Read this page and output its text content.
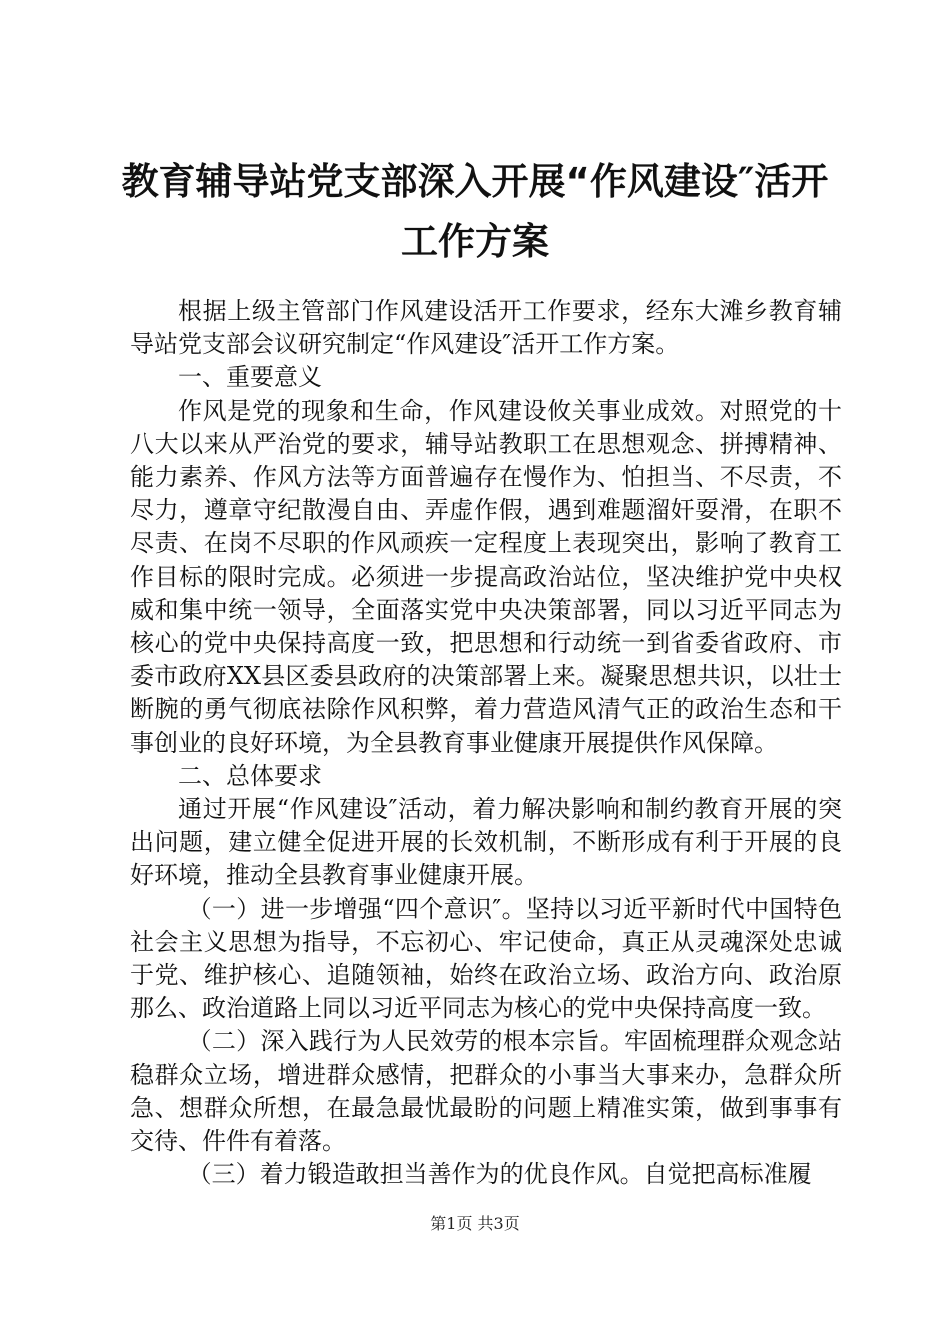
教育辅导站党支部深入开展“作风建设″活开
工作方案

根据上级主管部门作风建设活开工作要求，经东大滩乡教育辅导站党支部会议研究制定“作风建设″活开工作方案。

一、重要意义

作风是党的现象和生命，作风建设攸关事业成效。对照党的十八大以来从严治党的要求，辅导站教职工在思想观念、拼搏精神、能力素养、作风方法等方面普遍存在慢作为、怕担当、不尽责，不尽力，遵章守纪散漫自由、弄虚作假，遇到难题溜奸耍滑，在职不尽责、在岗不尽职的作风顽疾一定程度上表现突出，影响了教育工作目标的限时完成。必须进一步提高政治站位，坚决维护党中央权威和集中统一领导，全面落实党中央决策部署，同以习近平同志为核心的党中央保持高度一致，把思想和行动统一到省委省政府、市委市政府XX县区委县政府的决策部署上来。凝聚思想共识，以壮士断腕的勇气彻底祛除作风积弊，着力营造风清气正的政治生态和干事创业的良好环境，为全县教育事业健康开展提供作风保障。

二、总体要求

通过开展“作风建设″活动，着力解决影响和制约教育开展的突出问题，建立健全促进开展的长效机制，不断形成有利于开展的良好环境，推动全县教育事业健康开展。

（一）进一步增强“四个意识″。坚持以习近平新时代中国特色社会主义思想为指导，不忘初心、牢记使命，真正从灵魂深处忠诚于党、维护核心、追随领袖，始终在政治立场、政治方向、政治原那么、政治道路上同以习近平同志为核心的党中央保持高度一致。

（二）深入践行为人民效劳的根本宗旨。牢固梳理群众观念站稳群众立场，增进群众感情，把群众的小事当大事来办，急群众所急、想群众所想，在最急最忧最盼的问题上精准实策，做到事事有交待、件件有着落。

（三）着力锻造敢担当善作为的优良作风。自觉把高标准履

第1页 共3页
